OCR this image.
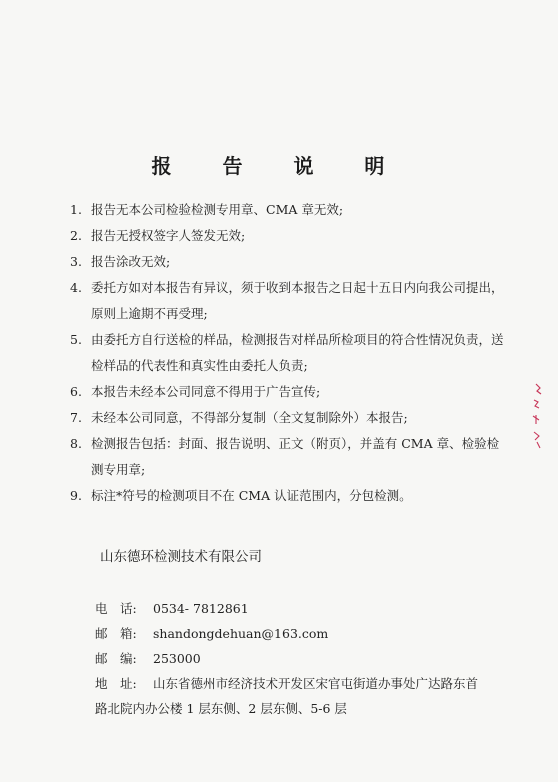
报 告 说 明
1. 报告无本公司检验检测专用章、CMA 章无效;
2. 报告无授权签字人签发无效;
3. 报告涂改无效;
4. 委托方如对本报告有异议，须于收到本报告之日起十五日内向我公司提出，原则上逾期不再受理;
5. 由委托方自行送检的样品，检测报告对样品所检项目的符合性情况负责，送检样品的代表性和真实性由委托人负责;
6. 本报告未经本公司同意不得用于广告宣传;
7. 未经本公司同意，不得部分复制（全文复制除外）本报告;
8. 检测报告包括：封面、报告说明、正文（附页），并盖有 CMA 章、检验检测专用章;
9. 标注*符号的检测项目不在 CMA 认证范围内，分包检测。
山东德环检测技术有限公司
电　话:	0534- 7812861
邮　箱:	shandongdehuan@163.com
邮　编:	253000
地　址:	山东省德州市经济技术开发区宋官屯街道办事处广达路东首
路北院内办公楼 1 层东侧、2 层东侧、5-6 层
